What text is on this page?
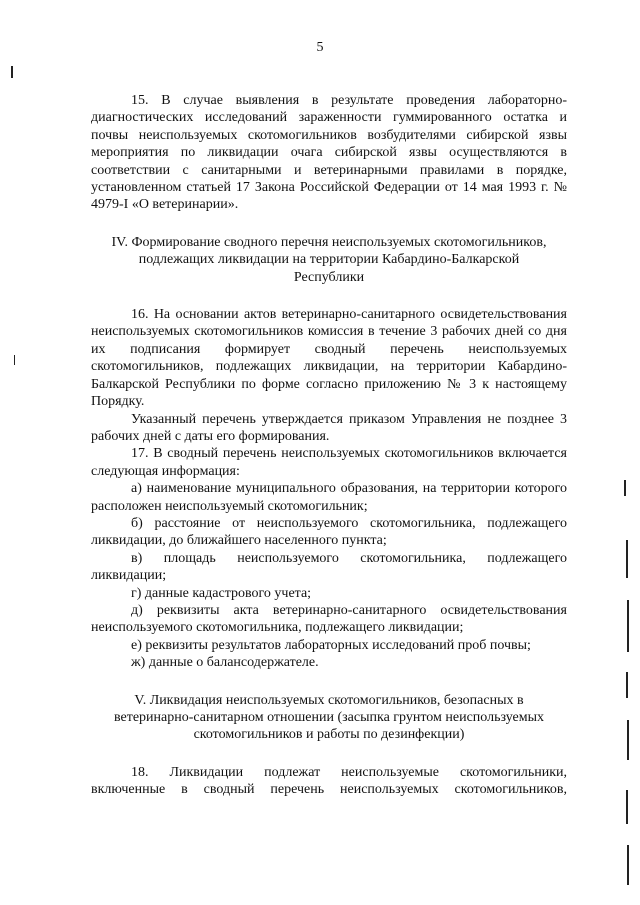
5

15. В случае выявления в результате проведения лабораторно-диагностических исследований зараженности гуммированного остатка и почвы неиспользуемых скотомогильников возбудителями сибирской язвы мероприятия по ликвидации очага сибирской язвы осуществляются в соответствии с санитарными и ветеринарными правилами в порядке, установленном статьей 17 Закона Российской Федерации от 14 мая 1993 г. № 4979-I «О ветеринарии».

IV. Формирование сводного перечня неиспользуемых скотомогильников, подлежащих ликвидации на территории Кабардино-Балкарской Республики

16. На основании актов ветеринарно-санитарного освидетельствования неиспользуемых скотомогильников комиссия в течение 3 рабочих дней со дня их подписания формирует сводный перечень неиспользуемых скотомогильников, подлежащих ликвидации, на территории Кабардино-Балкарской Республики по форме согласно приложению № 3 к настоящему Порядку.

Указанный перечень утверждается приказом Управления не позднее 3 рабочих дней с даты его формирования.

17. В сводный перечень неиспользуемых скотомогильников включается следующая информация:

а) наименование муниципального образования, на территории которого расположен неиспользуемый скотомогильник;

б) расстояние от неиспользуемого скотомогильника, подлежащего ликвидации, до ближайшего населенного пункта;

в) площадь неиспользуемого скотомогильника, подлежащего ликвидации;

г) данные кадастрового учета;

д) реквизиты акта ветеринарно-санитарного освидетельствования неиспользуемого скотомогильника, подлежащего ликвидации;

е) реквизиты результатов лабораторных исследований проб почвы;

ж) данные о балансодержателе.

V. Ликвидация неиспользуемых скотомогильников, безопасных в ветеринарно-санитарном отношении (засыпка грунтом неиспользуемых скотомогильников и работы по дезинфекции)

18. Ликвидации подлежат неиспользуемые скотомогильники, включенные в сводный перечень неиспользуемых скотомогильников,
